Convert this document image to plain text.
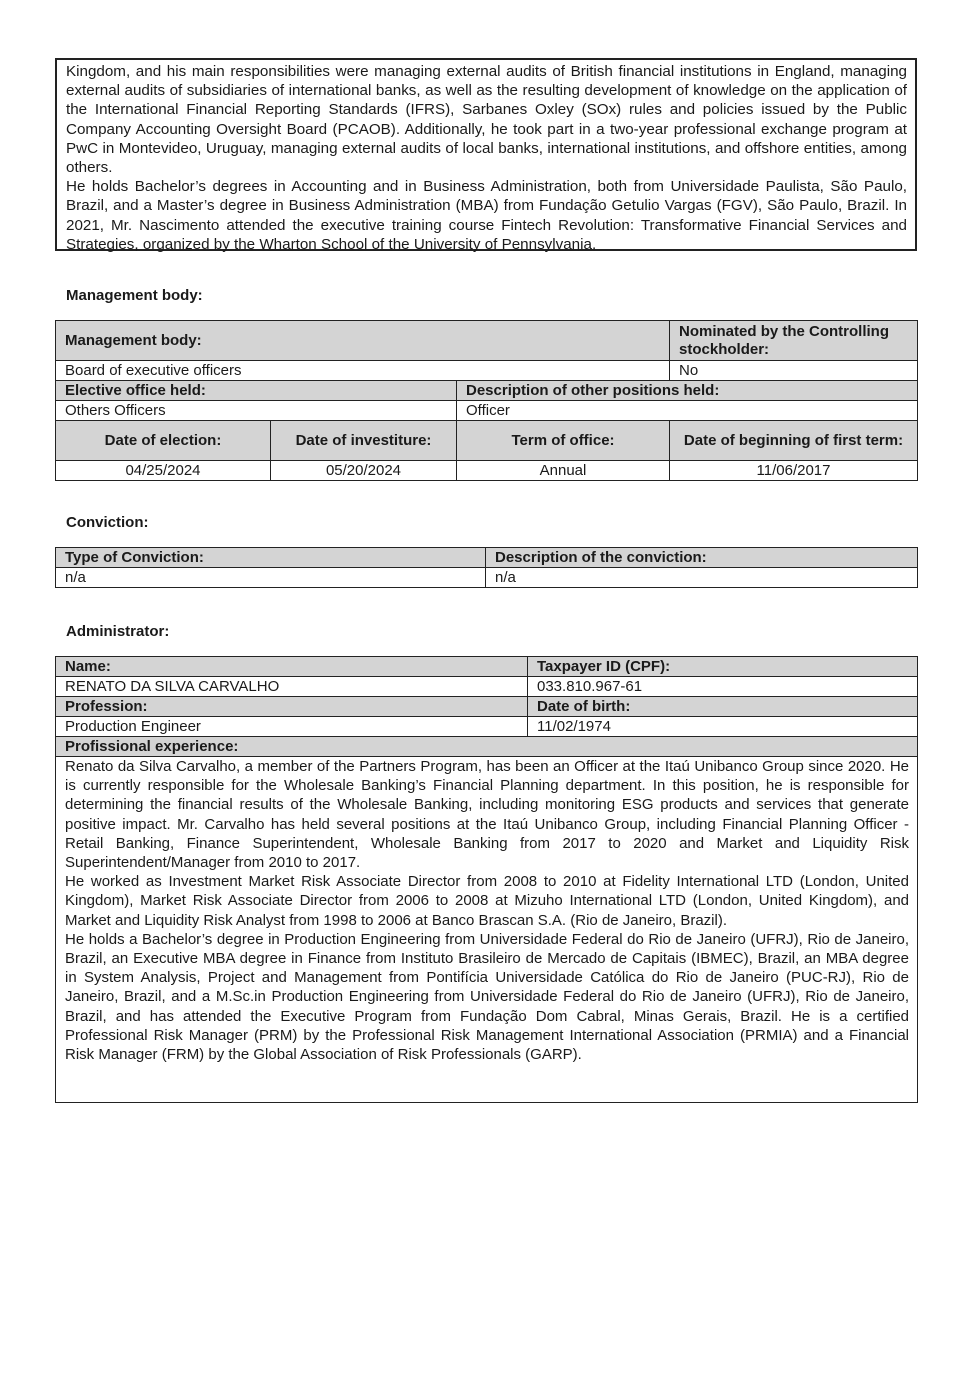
Kingdom, and his main responsibilities were managing external audits of British financial institutions in England, managing external audits of subsidiaries of international banks, as well as the resulting development of knowledge on the application of the International Financial Reporting Standards (IFRS), Sarbanes Oxley (SOx) rules and policies issued by the Public Company Accounting Oversight Board (PCAOB). Additionally, he took part in a two-year professional exchange program at PwC in Montevideo, Uruguay, managing external audits of local banks, international institutions, and offshore entities, among others.

He holds Bachelor’s degrees in Accounting and in Business Administration, both from Universidade Paulista, São Paulo, Brazil, and a Master’s degree in Business Administration (MBA) from Fundação Getulio Vargas (FGV), São Paulo, Brazil. In 2021, Mr. Nascimento attended the executive training course Fintech Revolution: Transformative Financial Services and Strategies, organized by the Wharton School of the University of Pennsylvania.

Management body:
Management body:			Nominated by the Controlling stockholder:
Board of executive officers			No
Elective office held:		Description of other positions held:	
Others Officers		Officer	
Date of election:	Date of investiture:	Term of office:	Date of beginning of first term:
04/25/2024	05/20/2024	Annual	11/06/2017
Conviction:
Type of Conviction:	Description of the conviction:
n/a	n/a
Administrator:
Name:	Taxpayer ID (CPF):
RENATO DA SILVA CARVALHO	033.810.967-61
Profession:	Date of birth:
Production Engineer	11/02/1974
Profissional experience:	

Renato da Silva Carvalho, a member of the Partners Program, has been an Officer at the Itaú Unibanco Group since 2020. He is currently responsible for the Wholesale Banking’s Financial Planning department. In this position, he is responsible for determining the financial results of the Wholesale Banking, including monitoring ESG products and services that generate positive impact. Mr. Carvalho has held several positions at the Itaú Unibanco Group, including Financial Planning Officer - Retail Banking, Finance Superintendent, Wholesale Banking from 2017 to 2020 and Market and Liquidity Risk Superintendent/Manager from 2010 to 2017.
He worked as Investment Market Risk Associate Director from 2008 to 2010 at Fidelity International LTD (London, United Kingdom), Market Risk Associate Director from 2006 to 2008 at Mizuho International LTD (London, United Kingdom), and Market and Liquidity Risk Analyst from 1998 to 2006 at Banco Brascan S.A. (Rio de Janeiro, Brazil).
He holds a Bachelor’s degree in Production Engineering from Universidade Federal do Rio de Janeiro (UFRJ), Rio de Janeiro, Brazil, an Executive MBA degree in Finance from Instituto Brasileiro de Mercado de Capitais (IBMEC), Brazil, an MBA degree in System Analysis, Project and Management from Pontifícia Universidade Católica do Rio de Janeiro (PUC-RJ), Rio de Janeiro, Brazil, and a M.Sc.in Production Engineering from Universidade Federal do Rio de Janeiro (UFRJ), Rio de Janeiro, Brazil, and has attended the Executive Program from Fundação Dom Cabral, Minas Gerais, Brazil. He is a certified Professional Risk Manager (PRM) by the Professional Risk Management International Association (PRMIA) and a Financial Risk Manager (FRM) by the Global Association of Risk Professionals (GARP).	
